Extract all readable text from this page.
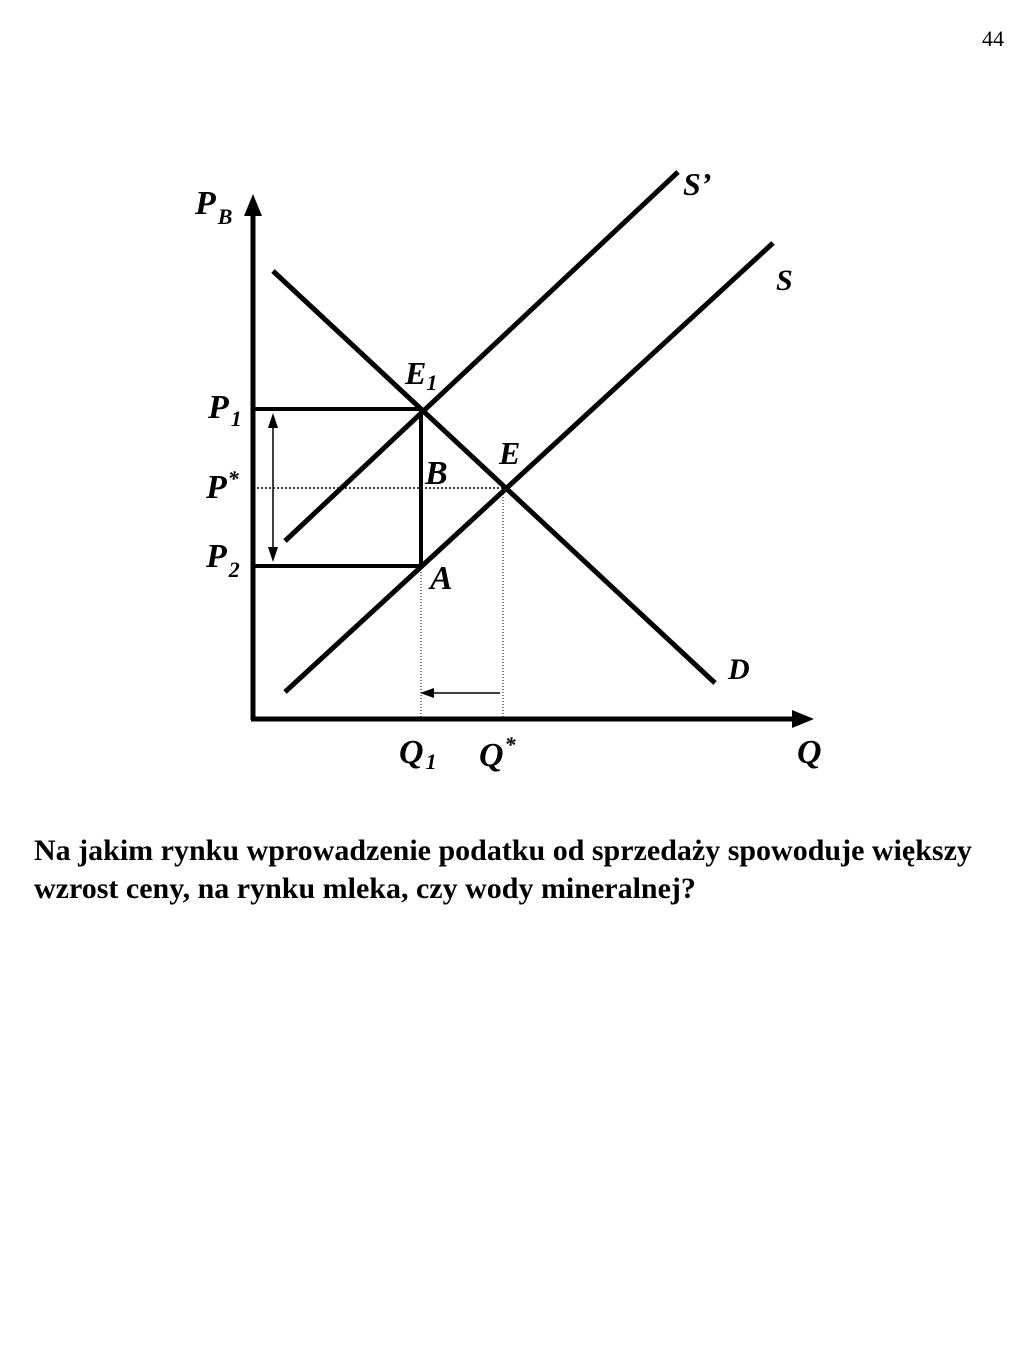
44
$P_B$
Q
S’
S
D
E1
E
B
A
$P_1$
P*
$P_2$
Q1 Q*

Na jakim rynku wprowadzenie podatku od sprzedaży spowoduje większy wzrost ceny, na rynku mleka, czy wody mineralnej?
